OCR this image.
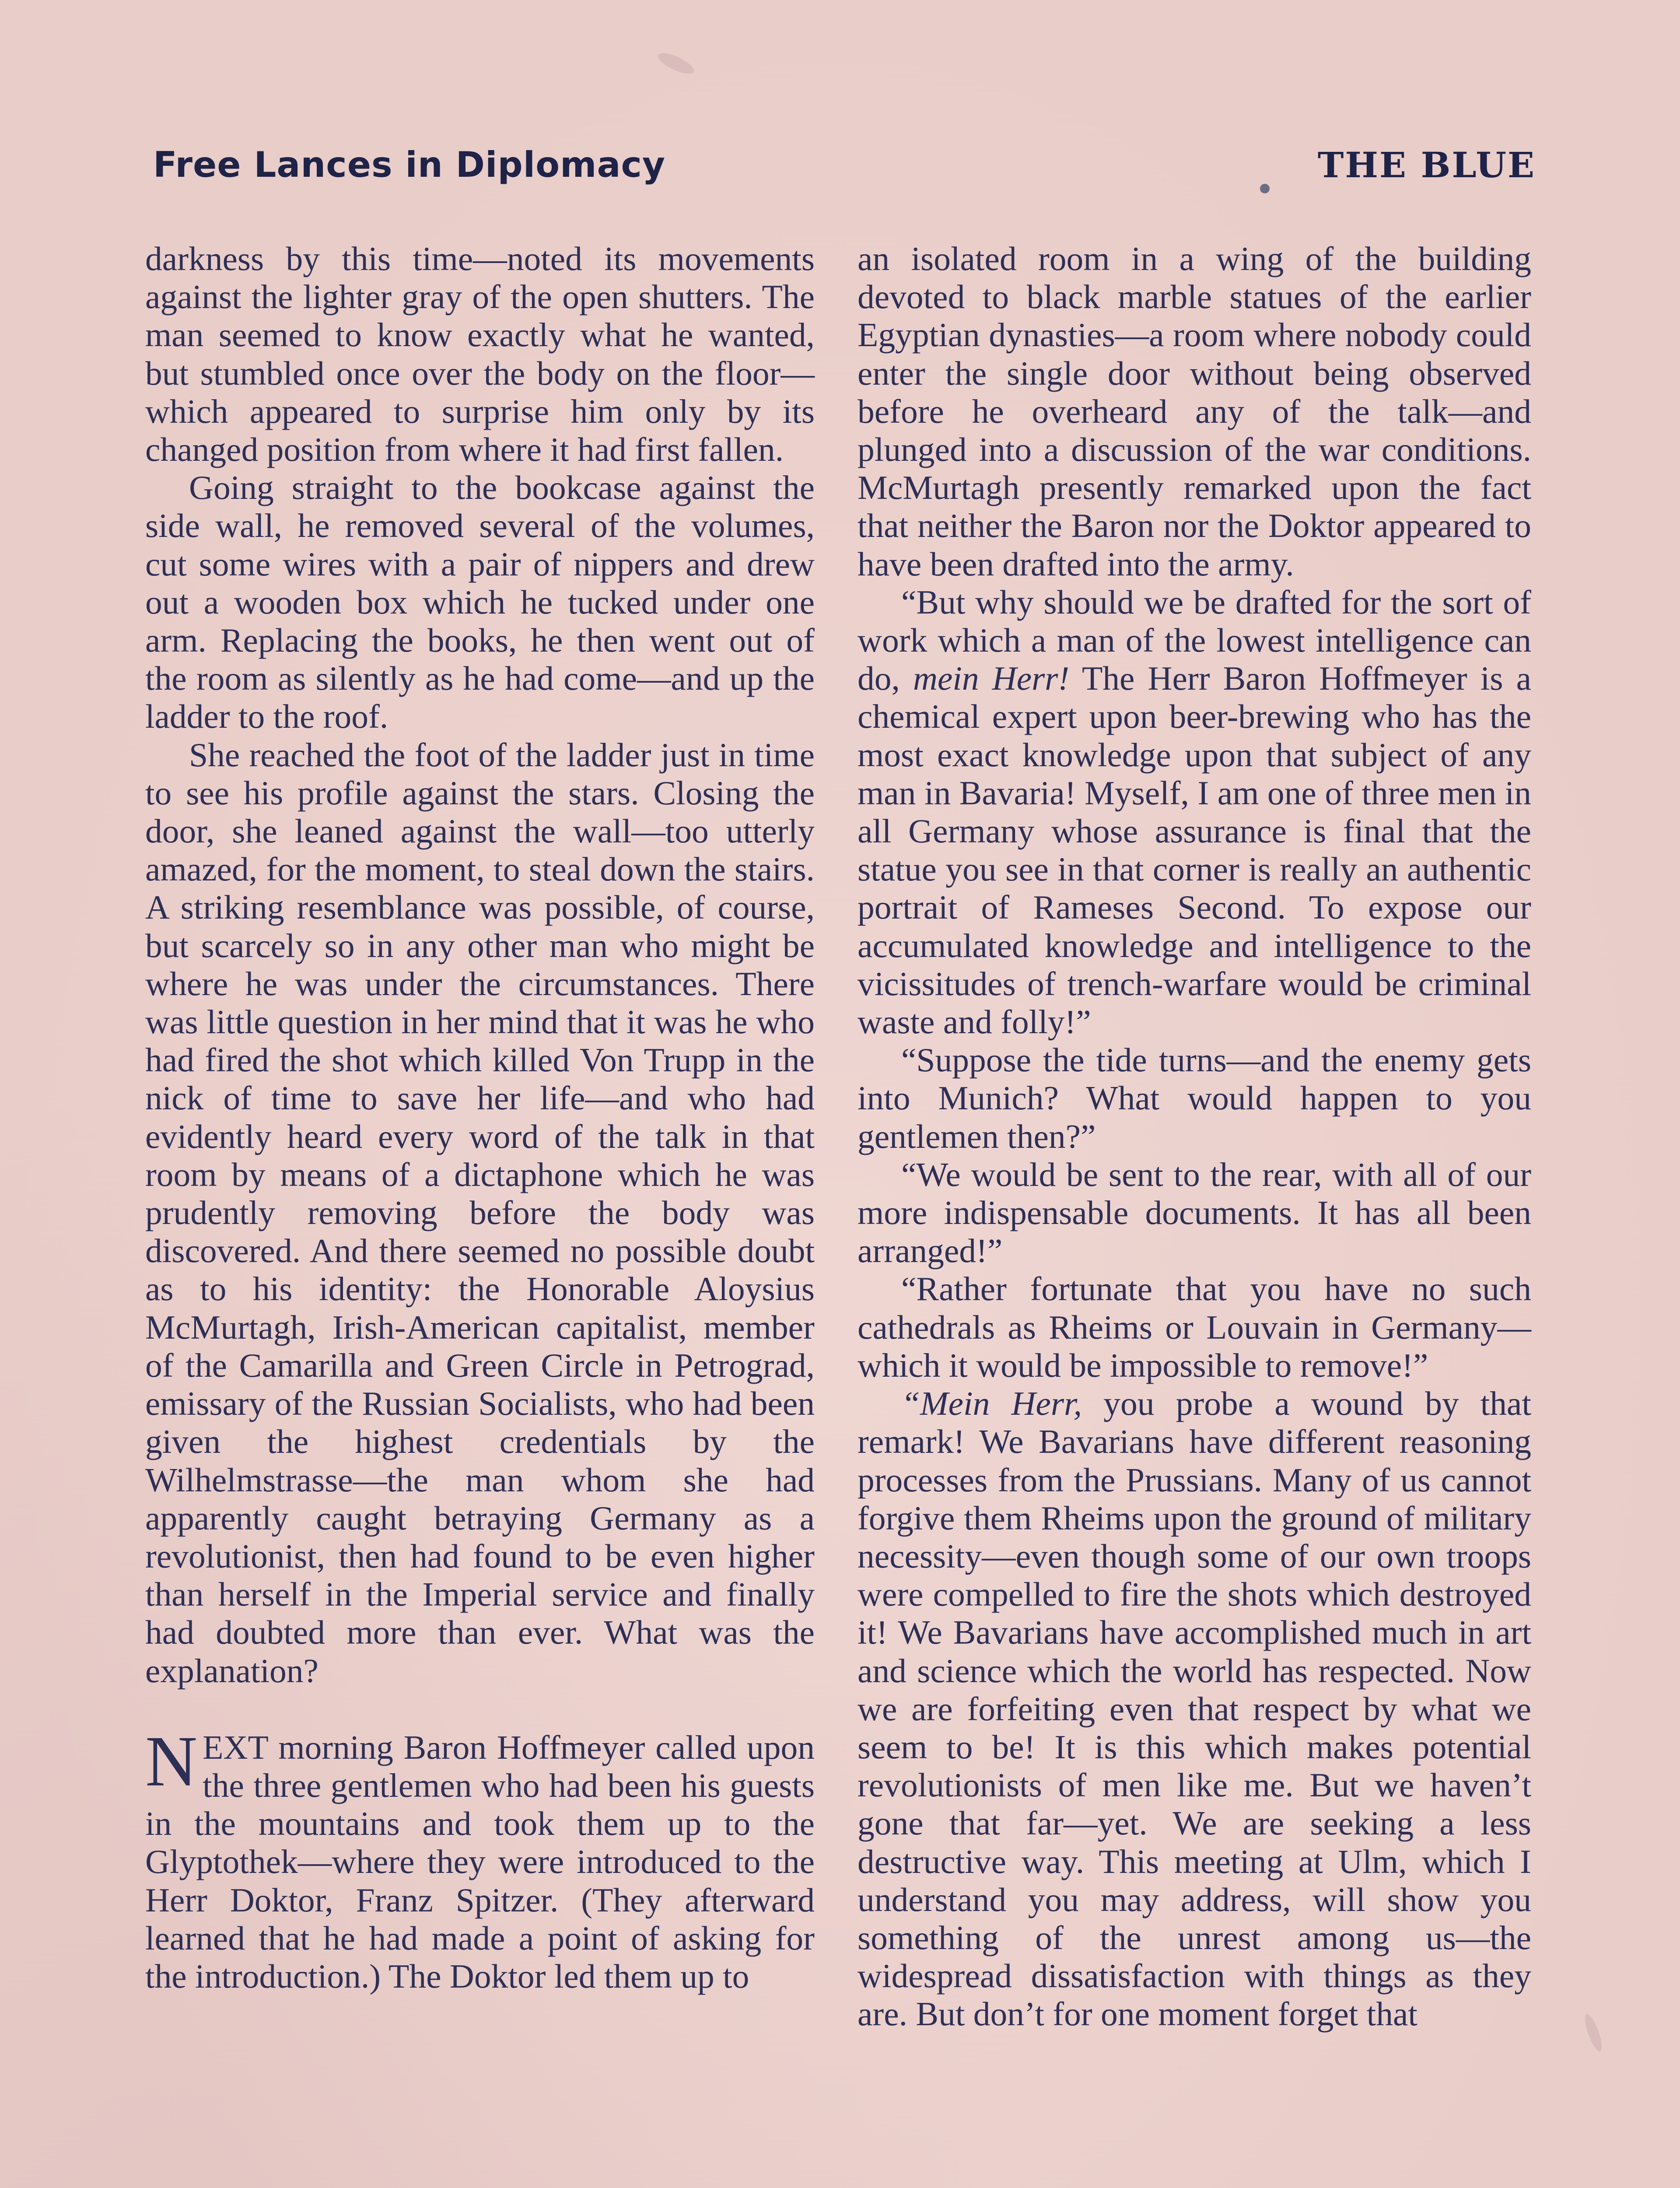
Free Lances in Diplomacy	THE BLUE

darkness by this time—noted its movements against the lighter gray of the open shutters. The man seemed to know exactly what he wanted, but stumbled once over the body on the floor—which appeared to surprise him only by its changed position from where it had first fallen.

Going straight to the bookcase against the side wall, he removed several of the volumes, cut some wires with a pair of nippers and drew out a wooden box which he tucked under one arm. Replacing the books, he then went out of the room as silently as he had come—and up the ladder to the roof.

She reached the foot of the ladder just in time to see his profile against the stars. Closing the door, she leaned against the wall—too utterly amazed, for the moment, to steal down the stairs. A striking resemblance was possible, of course, but scarcely so in any other man who might be where he was under the circumstances. There was little question in her mind that it was he who had fired the shot which killed Von Trupp in the nick of time to save her life—and who had evidently heard every word of the talk in that room by means of a dictaphone which he was prudently removing before the body was discovered. And there seemed no possible doubt as to his identity: the Honorable Aloysius McMurtagh, Irish-American capitalist, member of the Camarilla and Green Circle in Petrograd, emissary of the Russian Socialists, who had been given the highest credentials by the Wilhelmstrasse—the man whom she had apparently caught betraying Germany as a revolutionist, then had found to be even higher than herself in the Imperial service and finally had doubted more than ever. What was the explanation?

NEXT morning Baron Hoffmeyer called upon the three gentlemen who had been his guests in the mountains and took them up to the Glyptothek—where they were introduced to the Herr Doktor, Franz Spitzer. (They afterward learned that he had made a point of asking for the introduction.) The Doktor led them up to

an isolated room in a wing of the building devoted to black marble statues of the earlier Egyptian dynasties—a room where nobody could enter the single door without being observed before he overheard any of the talk—and plunged into a discussion of the war conditions. McMurtagh presently remarked upon the fact that neither the Baron nor the Doktor appeared to have been drafted into the army.

“But why should we be drafted for the sort of work which a man of the lowest intelligence can do, mein Herr! The Herr Baron Hoffmeyer is a chemical expert upon beer-brewing who has the most exact knowledge upon that subject of any man in Bavaria! Myself, I am one of three men in all Germany whose assurance is final that the statue you see in that corner is really an authentic portrait of Rameses Second. To expose our accumulated knowledge and intelligence to the vicissitudes of trench-warfare would be criminal waste and folly!”

“Suppose the tide turns—and the enemy gets into Munich? What would happen to you gentlemen then?”

“We would be sent to the rear, with all of our more indispensable documents. It has all been arranged!”

“Rather fortunate that you have no such cathedrals as Rheims or Louvain in Germany—which it would be impossible to remove!”

“Mein Herr, you probe a wound by that remark! We Bavarians have different reasoning processes from the Prussians. Many of us cannot forgive them Rheims upon the ground of military necessity—even though some of our own troops were compelled to fire the shots which destroyed it! We Bavarians have accomplished much in art and science which the world has respected. Now we are forfeiting even that respect by what we seem to be! It is this which makes potential revolutionists of men like me. But we haven’t gone that far—yet. We are seeking a less destructive way. This meeting at Ulm, which I understand you may address, will show you something of the unrest among us—the widespread dissatisfaction with things as they are. But don’t for one moment forget that
